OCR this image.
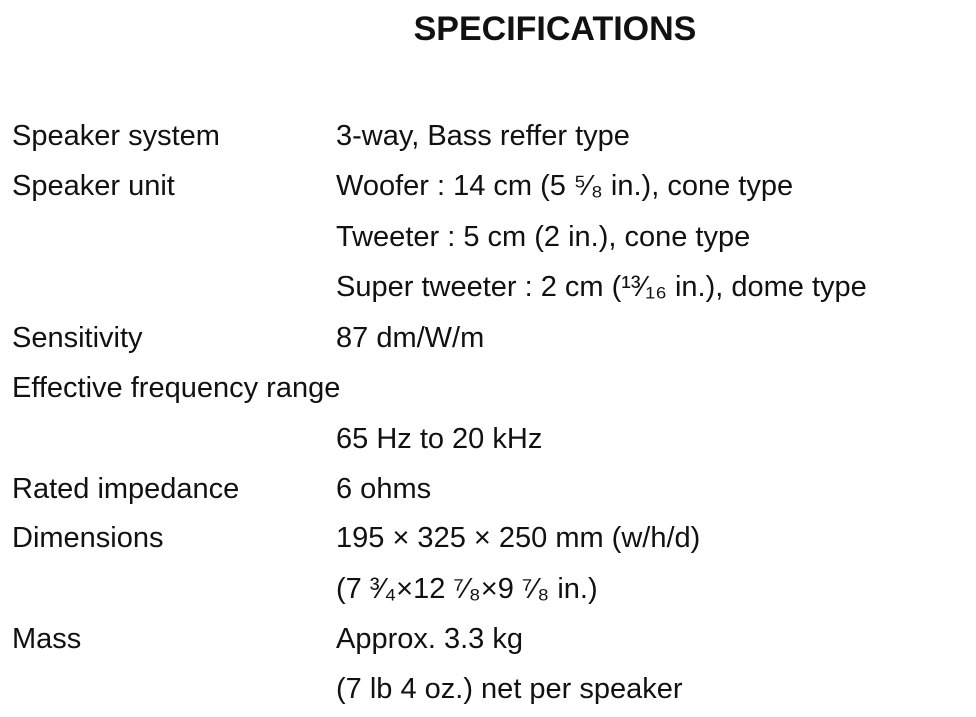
SPECIFICATIONS
Speaker system	3-way, Bass reffer type
Speaker unit	Woofer : 14 cm (5 ⁵⁄₈ in.), cone type
Tweeter : 5 cm (2 in.), cone type
Super tweeter : 2 cm (¹³⁄₁₆ in.), dome type
Sensitivity	87 dm/W/m
Effective frequency range
65 Hz to 20 kHz
Rated impedance	6 ohms
Dimensions	195 × 325 × 250 mm (w/h/d)
(7 ³⁄₄×12 ⁷⁄₈×9 ⁷⁄₈ in.)
Mass	Approx. 3.3 kg
(7 lb 4 oz.) net per speaker
